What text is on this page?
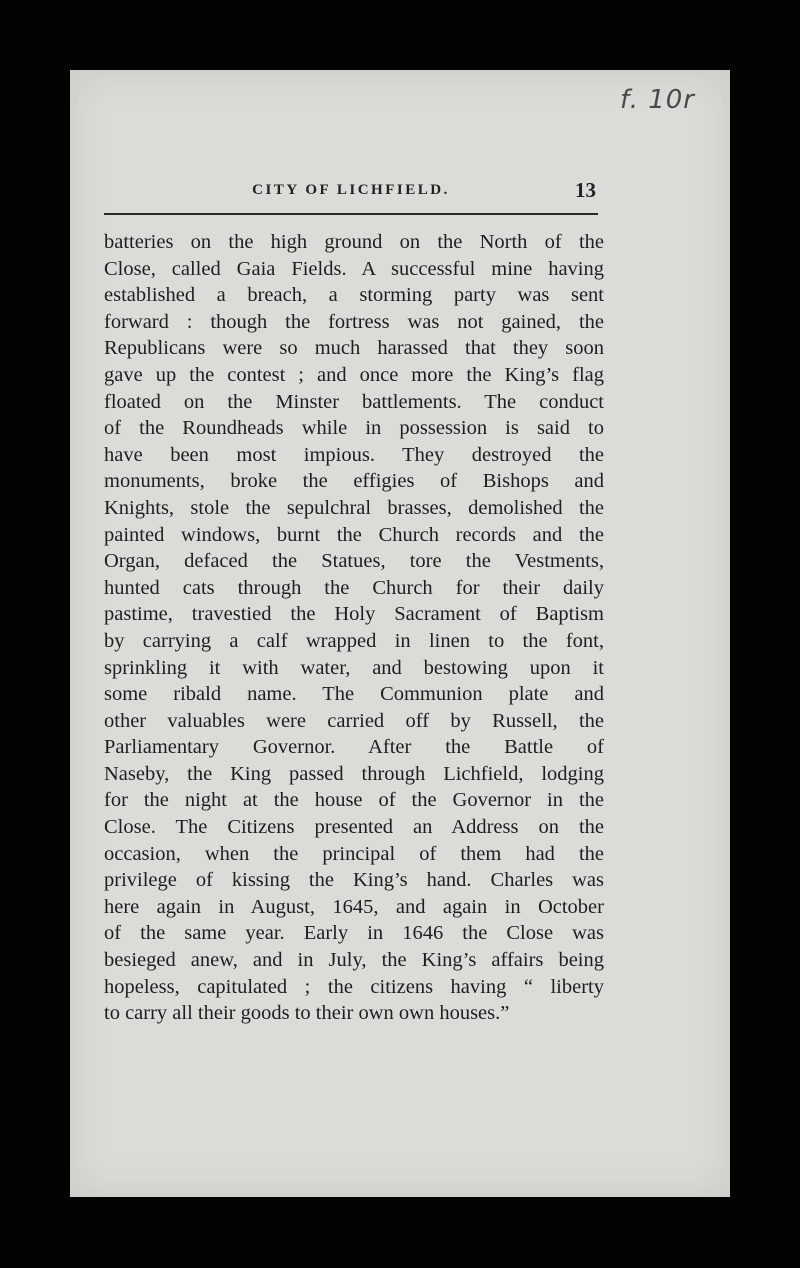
f. 10r
CITY OF LICHFIELD.	13
batteries on the high ground on the North of the
Close, called Gaia Fields. A successful mine having
established a breach, a storming party was sent
forward : though the fortress was not gained, the
Republicans were so much harassed that they soon
gave up the contest ; and once more the King’s flag
floated on the Minster battlements. The conduct
of the Roundheads while in possession is said to
have been most impious. They destroyed the
monuments, broke the effigies of Bishops and
Knights, stole the sepulchral brasses, demolished the
painted windows, burnt the Church records and the
Organ, defaced the Statues, tore the Vestments,
hunted cats through the Church for their daily
pastime, travestied the Holy Sacrament of Baptism
by carrying a calf wrapped in linen to the font,
sprinkling it with water, and bestowing upon it
some ribald name. The Communion plate and
other valuables were carried off by Russell, the
Parliamentary Governor. After the Battle of
Naseby, the King passed through Lichfield, lodging
for the night at the house of the Governor in the
Close. The Citizens presented an Address on the
occasion, when the principal of them had the
privilege of kissing the King’s hand. Charles was
here again in August, 1645, and again in October
of the same year. Early in 1646 the Close was
besieged anew, and in July, the King’s affairs being
hopeless, capitulated ; the citizens having “ liberty
to carry all their goods to their own own houses.”
